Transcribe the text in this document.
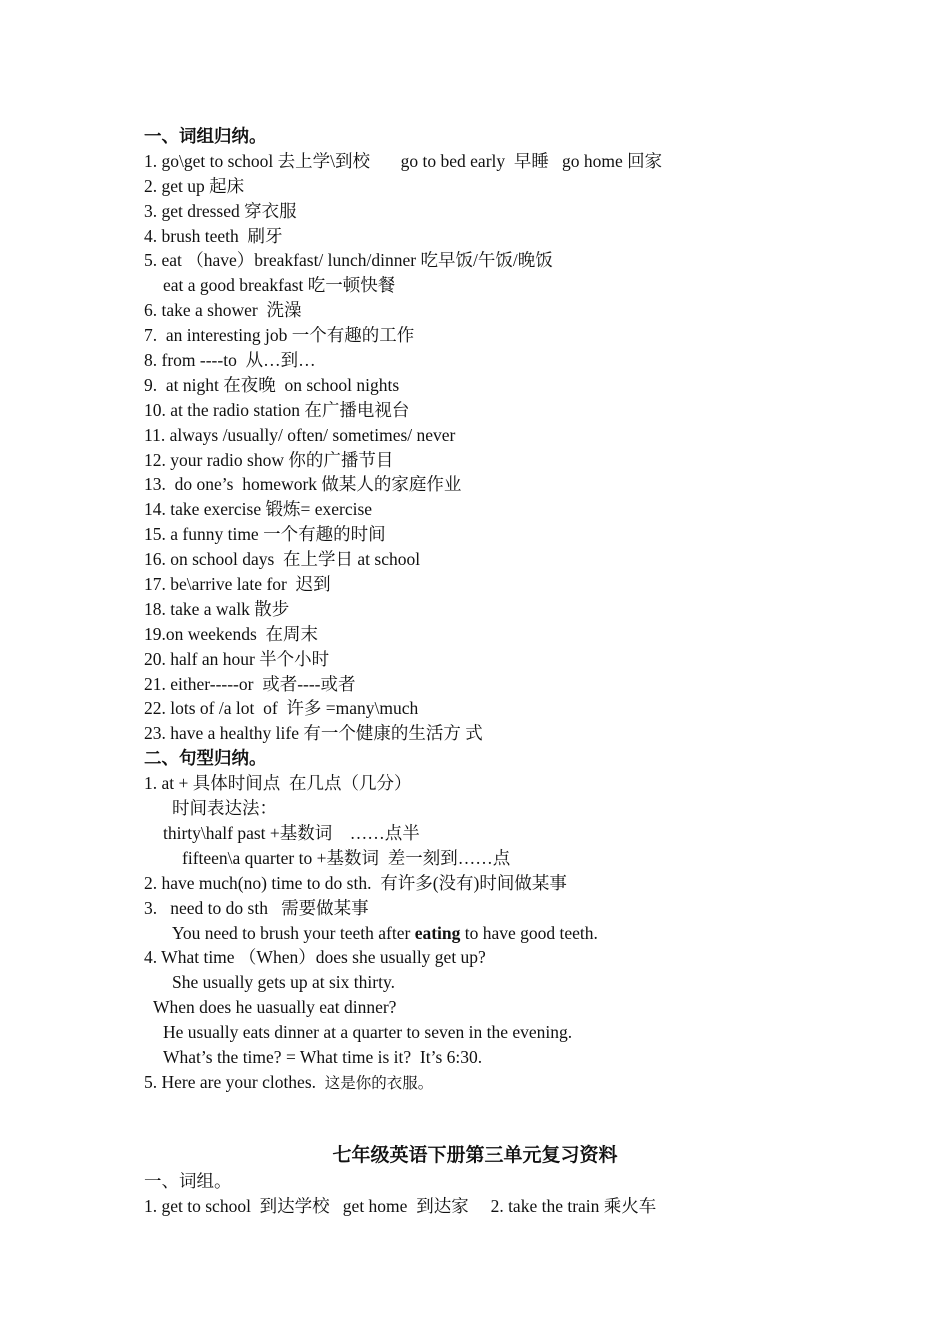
一、词组归纳。
1. go\get to school 去上学\到校       go to bed early  早睡   go home 回家
2. get up 起床
3. get dressed 穿衣服
4. brush teeth  刷牙
5. eat （have）breakfast/ lunch/dinner 吃早饭/午饭/晚饭
eat a good breakfast 吃一顿快餐
6. take a shower  洗澡
7.  an interesting job 一个有趣的工作
8. from ----to  从…到…
9.  at night 在夜晚  on school nights
10. at the radio station 在广播电视台
11. always /usually/ often/ sometimes/ never
12. your radio show 你的广播节目
13.  do one’s  homework 做某人的家庭作业
14. take exercise 锻炼= exercise
15. a funny time 一个有趣的时间
16. on school days  在上学日 at school
17. be\arrive late for  迟到
18. take a walk 散步
19.on weekends  在周末
20. half an hour 半个小时
21. either-----or  或者----或者
22. lots of /a lot  of  许多 =many\much
23. have a healthy life 有一个健康的生活方 式
二、句型归纳。
1. at + 具体时间点  在几点（几分）
时间表达法：
thirty\half past +基数词    ……点半
fifteen\a quarter to +基数词  差一刻到……点
2. have much(no) time to do sth.  有许多(没有)时间做某事
3.   need to do sth   需要做某事
You need to brush your teeth after eating to have good teeth.
4. What time （When）does she usually get up?
She usually gets up at six thirty.
When does he uasually eat dinner?
He usually eats dinner at a quarter to seven in the evening.
What’s the time? = What time is it?  It’s 6:30.
5. Here are your clothes.  这是你的衣服。
七年级英语下册第三单元复习资料
一、词组。
1. get to school  到达学校   get home  到达家     2. take the train 乘火车
